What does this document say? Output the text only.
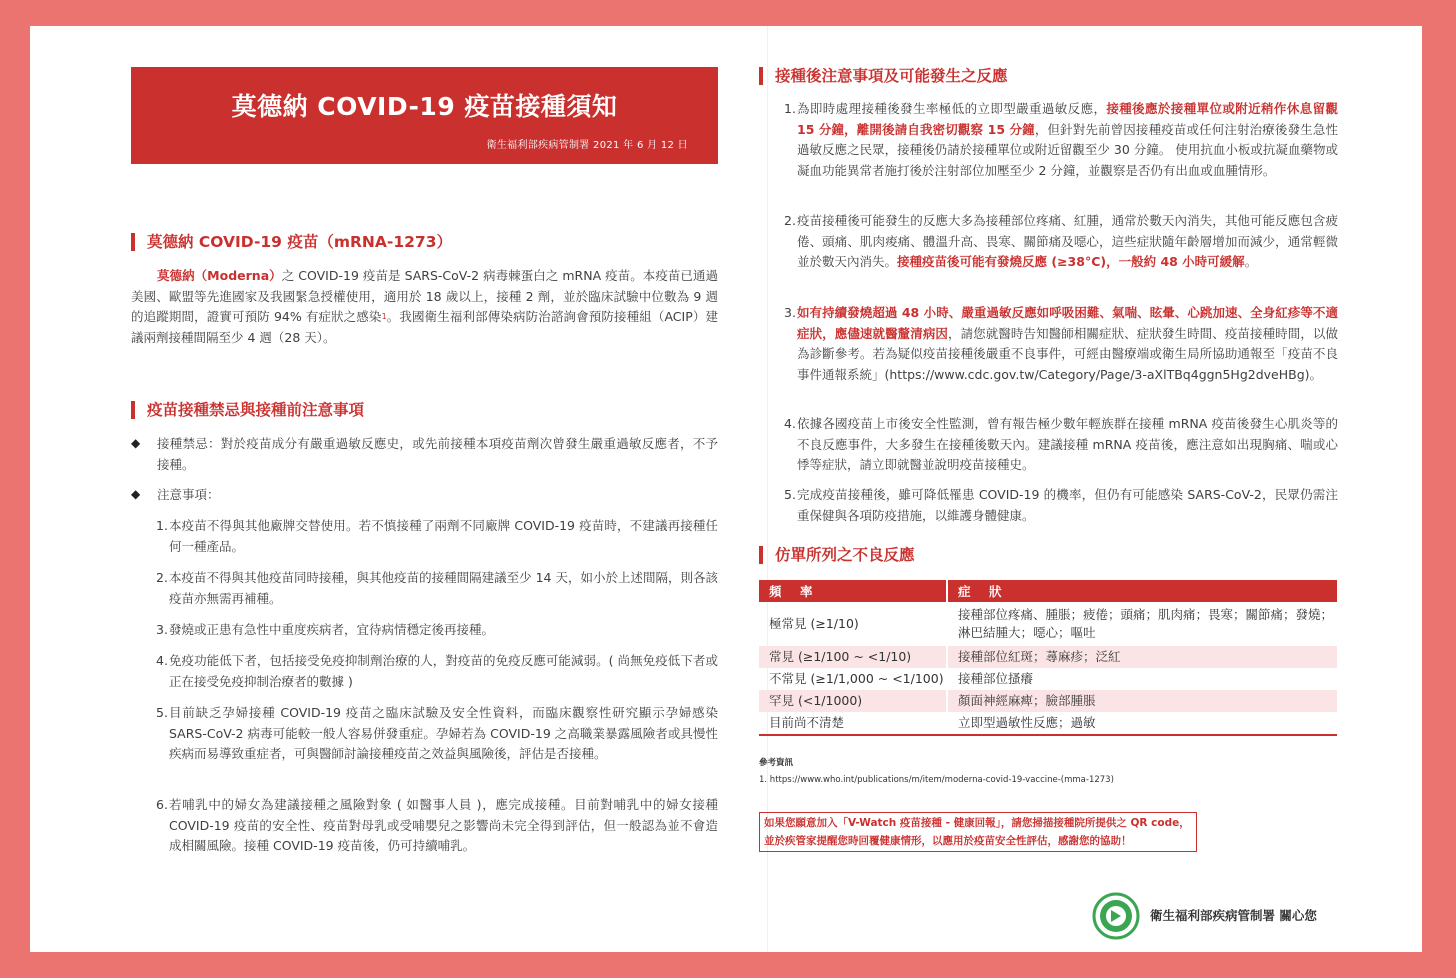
莫德納 COVID-19 疫苗接種須知
衛生福利部疾病管制署 2021 年 6 月 12 日
莫德納 COVID-19 疫苗（mRNA-1273）
莫德納（Moderna）之 COVID-19 疫苗是 SARS-CoV-2 病毒棘蛋白之 mRNA 疫苗。本疫苗已通過美國、歐盟等先進國家及我國緊急授權使用，適用於 18 歲以上，接種 2 劑，並於臨床試驗中位數為 9 週的追蹤期間，證實可預防 94% 有症狀之感染$^1$。我國衛生福利部傳染病防治諮詢會預防接種組（ACIP）建議兩劑接種間隔至少 4 週（28 天）。
疫苗接種禁忌與接種前注意事項
◆ 接種禁忌：對於疫苗成分有嚴重過敏反應史，或先前接種本項疫苗劑次曾發生嚴重過敏反應者，不予接種。
◆ 注意事項：
1. 本疫苗不得與其他廠牌交替使用。若不慎接種了兩劑不同廠牌 COVID-19 疫苗時，不建議再接種任何一種產品。
2. 本疫苗不得與其他疫苗同時接種，與其他疫苗的接種間隔建議至少 14 天，如小於上述間隔，則各該疫苗亦無需再補種。
3. 發燒或正患有急性中重度疾病者，宜待病情穩定後再接種。
4. 免疫功能低下者，包括接受免疫抑制劑治療的人，對疫苗的免疫反應可能減弱。( 尚無免疫低下者或正在接受免疫抑制治療者的數據 )
5. 目前缺乏孕婦接種 COVID-19 疫苗之臨床試驗及安全性資料，而臨床觀察性研究顯示孕婦感染 SARS-CoV-2 病毒可能較一般人容易併發重症。孕婦若為 COVID-19 之高職業暴露風險者或具慢性疾病而易導致重症者，可與醫師討論接種疫苗之效益與風險後，評估是否接種。
6. 若哺乳中的婦女為建議接種之風險對象 ( 如醫事人員 )，應完成接種。目前對哺乳中的婦女接種 COVID-19 疫苗的安全性、疫苗對母乳或受哺嬰兒之影響尚未完全得到評估，但一般認為並不會造成相關風險。接種 COVID-19 疫苗後，仍可持續哺乳。
接種後注意事項及可能發生之反應
1. 為即時處理接種後發生率極低的立即型嚴重過敏反應，接種後應於接種單位或附近稍作休息留觀 15 分鐘，離開後請自我密切觀察 15 分鐘，但針對先前曾因接種疫苗或任何注射治療後發生急性過敏反應之民眾，接種後仍請於接種單位或附近留觀至少 30 分鐘。 使用抗血小板或抗凝血藥物或凝血功能異常者施打後於注射部位加壓至少 2 分鐘，並觀察是否仍有出血或血腫情形。
2. 疫苗接種後可能發生的反應大多為接種部位疼痛、紅腫，通常於數天內消失，其他可能反應包含疲倦、頭痛、肌肉痠痛、體溫升高、畏寒、關節痛及噁心，這些症狀隨年齡層增加而減少，通常輕微並於數天內消失。接種疫苗後可能有發燒反應 (≥38°C)，一般約 48 小時可緩解。
3. 如有持續發燒超過 48 小時、嚴重過敏反應如呼吸困難、氣喘、眩暈、心跳加速、全身紅疹等不適症狀，應儘速就醫釐清病因，請您就醫時告知醫師相關症狀、症狀發生時間、疫苗接種時間，以做為診斷參考。若為疑似疫苗接種後嚴重不良事件，可經由醫療端或衛生局所協助通報至「疫苗不良事件通報系統」(https://www.cdc.gov.tw/Category/Page/3-aXlTBq4ggn5Hg2dveHBg)。
4. 依據各國疫苗上市後安全性監測，曾有報告極少數年輕族群在接種 mRNA 疫苗後發生心肌炎等的不良反應事件，大多發生在接種後數天內。建議接種 mRNA 疫苗後，應注意如出現胸痛、喘或心悸等症狀，請立即就醫並說明疫苗接種史。
5. 完成疫苗接種後，雖可降低罹患 COVID-19 的機率，但仍有可能感染 SARS-CoV-2，民眾仍需注重保健與各項防疫措施，以維護身體健康。
仿單所列之不良反應
頻　率	症　狀
極常見 (≥1/10)	接種部位疼痛、腫脹；疲倦；頭痛；肌肉痛；畏寒；關節痛；發燒；淋巴結腫大；噁心；嘔吐
常見 (≥1/100 ~ <1/10)	接種部位紅斑；蕁麻疹；泛紅
不常見 (≥1/1,000 ~ <1/100)	接種部位搔癢
罕見 (<1/1000)	顏面神經麻痺；臉部腫脹
目前尚不清楚	立即型過敏性反應；過敏
參考資訊
1. https://www.who.int/publications/m/item/moderna-covid-19-vaccine-(mma-1273)
如果您願意加入「V-Watch 疫苗接種 - 健康回報」，請您掃描接種院所提供之 QR code，並於疾管家提醒您時回覆健康情形，以應用於疫苗安全性評估，感謝您的協助！
衛生福利部疾病管制署 關心您
